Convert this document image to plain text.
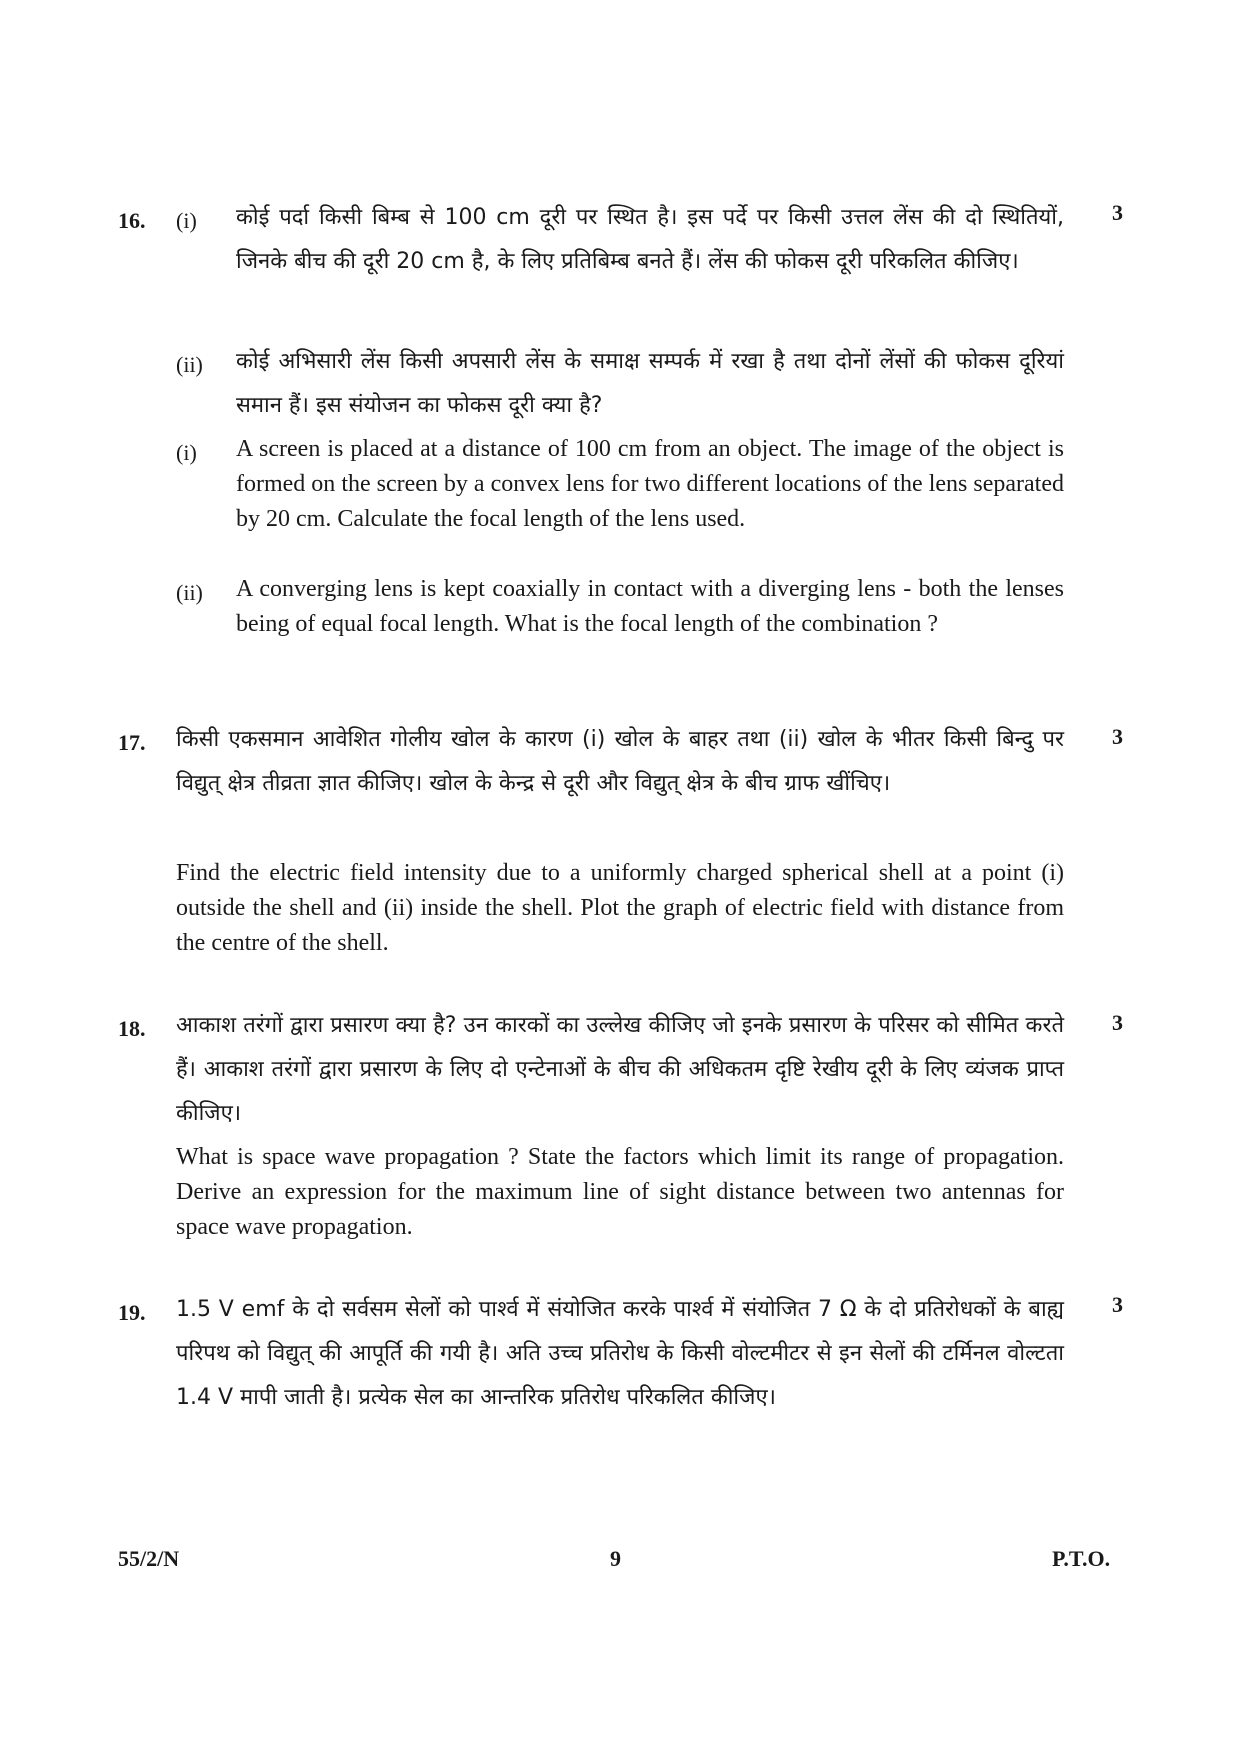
16.	3
(i) कोई पर्दा किसी बिम्ब से 100 cm दूरी पर स्थित है। इस पर्दे पर किसी उत्तल लेंस की दो स्थितियों, जिनके बीच की दूरी 20 cm है, के लिए प्रतिबिम्ब बनते हैं। लेंस की फोकस दूरी परिकलित कीजिए।

(ii) कोई अभिसारी लेंस किसी अपसारी लेंस के समाक्ष सम्पर्क में रखा है तथा दोनों लेंसों की फोकस दूरियां समान हैं। इस संयोजन का फोकस दूरी क्या है?

(i) A screen is placed at a distance of 100 cm from an object. The image of the object is formed on the screen by a convex lens for two different locations of the lens separated by 20 cm. Calculate the focal length of the lens used.

(ii) A converging lens is kept coaxially in contact with a diverging lens - both the lenses being of equal focal length. What is the focal length of the combination ?

17.	3

किसी एकसमान आवेशित गोलीय खोल के कारण (i) खोल के बाहर तथा (ii) खोल के भीतर किसी बिन्दु पर विद्युत् क्षेत्र तीव्रता ज्ञात कीजिए। खोल के केन्द्र से दूरी और विद्युत् क्षेत्र के बीच ग्राफ खींचिए।

Find the electric field intensity due to a uniformly charged spherical shell at a point (i) outside the shell and (ii) inside the shell. Plot the graph of electric field with distance from the centre of the shell.

18.	3

आकाश तरंगों द्वारा प्रसारण क्या है? उन कारकों का उल्लेख कीजिए जो इनके प्रसारण के परिसर को सीमित करते हैं। आकाश तरंगों द्वारा प्रसारण के लिए दो एन्टेनाओं के बीच की अधिकतम दृष्टि रेखीय दूरी के लिए व्यंजक प्राप्त कीजिए।

What is space wave propagation ? State the factors which limit its range of propagation. Derive an expression for the maximum line of sight distance between two antennas for space wave propagation.

19.	3

1.5 V emf के दो सर्वसम सेलों को पार्श्व में संयोजित करके पार्श्व में संयोजित 7 Ω के दो प्रतिरोधकों के बाह्य परिपथ को विद्युत् की आपूर्ति की गयी है। अति उच्च प्रतिरोध के किसी वोल्टमीटर से इन सेलों की टर्मिनल वोल्टता 1.4 V मापी जाती है। प्रत्येक सेल का आन्तरिक प्रतिरोध परिकलित कीजिए।

55/2/N	9	P.T.O.
